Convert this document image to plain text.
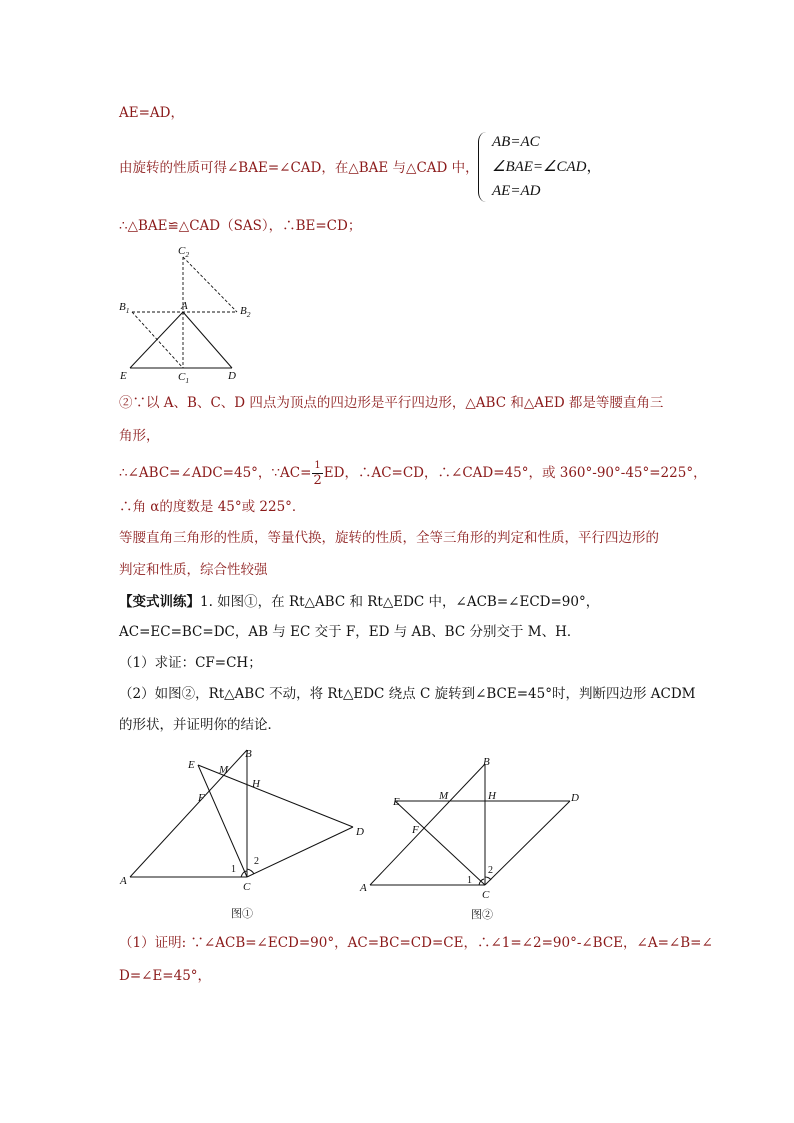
AE=AD，
由旋转的性质可得∠BAE=∠CAD，在△BAE 与△CAD 中，
AB=AC
∠BAE=∠CAD，
AE=AD
∴△BAE≌△CAD（SAS），∴BE=CD；
$C_2$
$B_1$	A	$B_2$
E	$C_1$	D
②∵以 A、B、C、D 四点为顶点的四边形是平行四边形，△ABC 和△AED 都是等腰直角三
角形，
∴∠ABC=∠ADC=45°，∵AC= $\frac{1}{2}$ ED，∴AC=CD，∴∠CAD=45°，或 360°-90°-45°=225°，
∴角 α的度数是 45°或 225°．
等腰直角三角形的性质，等量代换，旋转的性质，全等三角形的判定和性质，平行四边形的
判定和性质，综合性较强
【变式训练】1. 如图①，在 Rt△ABC 和 Rt△EDC 中，∠ACB=∠ECD=90°，
AC=EC=BC=DC，AB 与 EC 交于 F，ED 与 AB、BC 分别交于 M、H．
（1）求证：CF=CH；
（2）如图②，Rt△ABC 不动，将 Rt△EDC 绕点 C 旋转到∠BCE=45°时，判断四边形 ACDM
的形状，并证明你的结论．
B
E M
H
F
D
A	C
1
2
图①
B
E	M	H	D
F
A
C
1
2
图②
（1）证明: ∵∠ACB=∠ECD=90°，AC=BC=CD=CE，∴∠1=∠2=90°-∠BCE，∠A=∠B=∠
D=∠E=45°，
